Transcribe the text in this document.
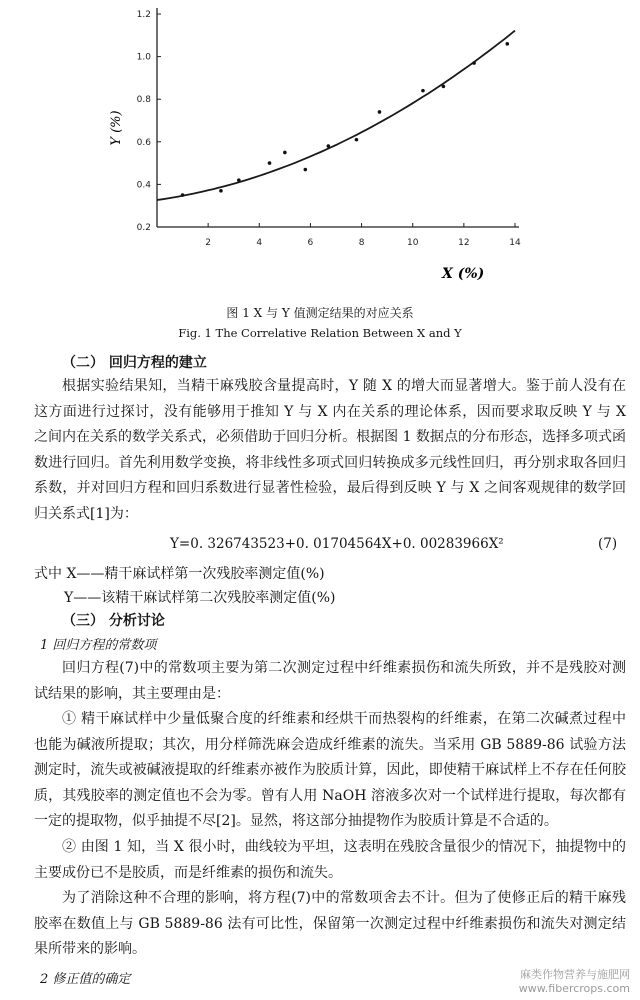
0.2
0.4
0.6
0.8
1.0
1.2
2	4	6	8	10	12	14
Y (%)
X (%)
图 1 X 与 Y 值测定结果的对应关系
Fig. 1 The Correlative Relation Between X and Y
（二） 回归方程的建立

根据实验结果知，当精干麻残胶含量提高时，Y 随 X 的增大而显著增大。鉴于前人没有在这方面进行过探讨，没有能够用于推知 Y 与 X 内在关系的理论体系，因而要求取反映 Y 与 X 之间内在关系的数学关系式，必须借助于回归分析。根据图 1 数据点的分布形态，选择多项式函数进行回归。首先利用数学变换，将非线性多项式回归转换成多元线性回归，再分别求取各回归系数，并对回归方程和回归系数进行显著性检验，最后得到反映 Y 与 X 之间客观规律的数学回归关系式[1]为：

Y=0. 326743523+0. 01704564X+0. 00283966X²	(7)
式中 X——精干麻试样第一次残胶率测定值(%)
Y——该精干麻试样第二次残胶率测定值(%)
（三） 分析讨论
1 回归方程的常数项

回归方程(7)中的常数项主要为第二次测定过程中纤维素损伤和流失所致，并不是残胶对测试结果的影响，其主要理由是：

① 精干麻试样中少量低聚合度的纤维素和经烘干而热裂构的纤维素，在第二次碱煮过程中也能为碱液所提取；其次，用分样筛洗麻会造成纤维素的流失。当采用 GB 5889-86 试验方法测定时，流失或被碱液提取的纤维素亦被作为胶质计算，因此，即使精干麻试样上不存在任何胶质，其残胶率的测定值也不会为零。曾有人用 NaOH 溶液多次对一个试样进行提取，每次都有一定的提取物，似乎抽提不尽[2]。显然，将这部分抽提物作为胶质计算是不合适的。

② 由图 1 知，当 X 很小时，曲线较为平坦，这表明在残胶含量很少的情况下，抽提物中的主要成份已不是胶质，而是纤维素的损伤和流失。

为了消除这种不合理的影响，将方程(7)中的常数项舍去不计。但为了使修正后的精干麻残胶率在数值上与 GB 5889-86 法有可比性，保留第一次测定过程中纤维素损伤和流失对测定结果所带来的影响。

2 修正值的确定	麻类作物营养与施肥网
www.fibercrops.com
